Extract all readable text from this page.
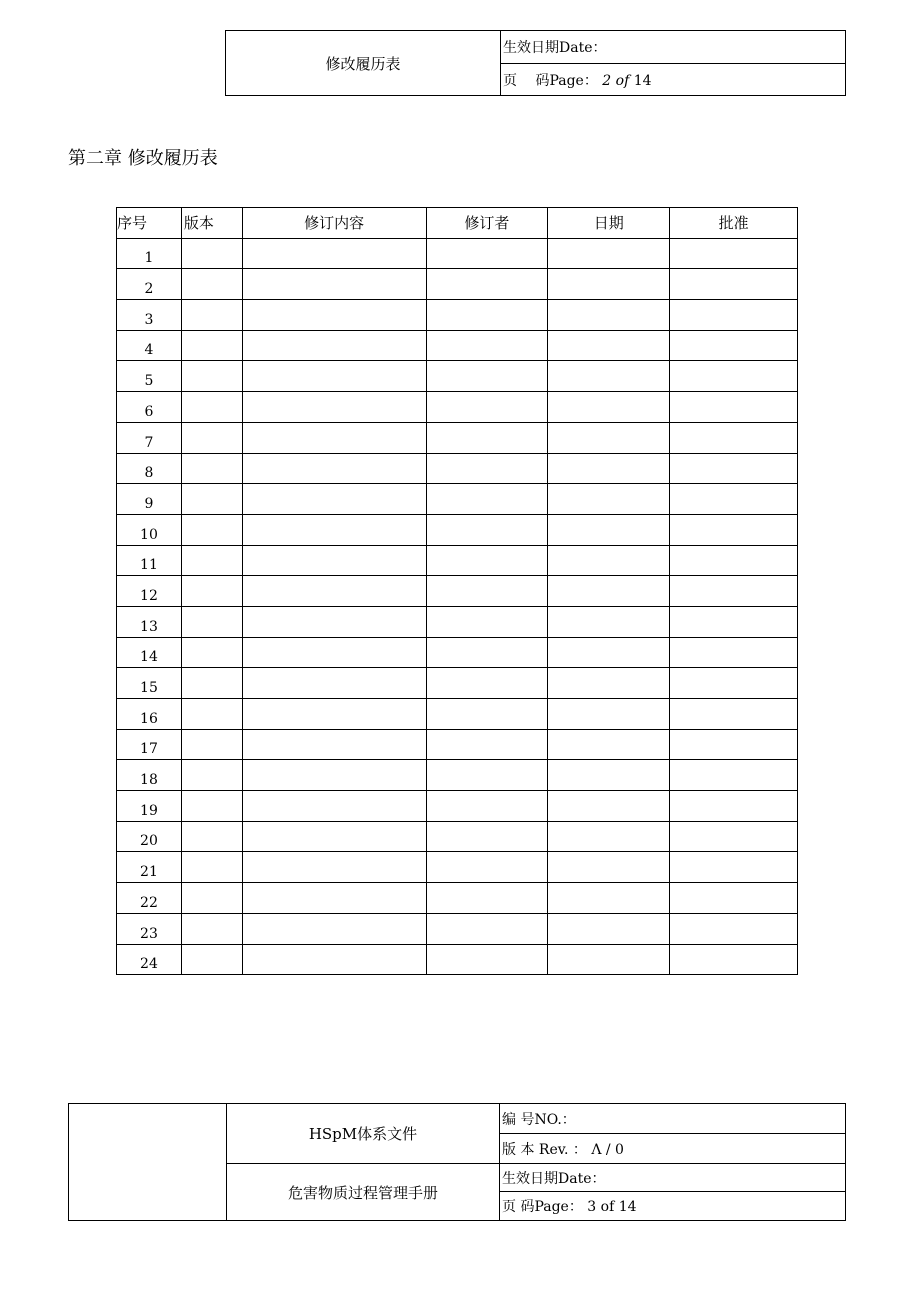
修改履历表	生效日期Date：
页　 码Page： 2 of 14
第二章 修改履历表
序号	版本	修订内容	修订者	日期	批准
1					
2					
3					
4					
5					
6					
7					
8					
9					
10					
11					
12					
13					
14					
15					
16					
17					
18					
19					
20					
21					
22					
23					
24					
	HSpM体系文件	编 号NO.：
		版 本 Rev. ： Λ / 0
	危害物质过程管理手册	生效日期Date：
		页 码Page： 3 of 14
